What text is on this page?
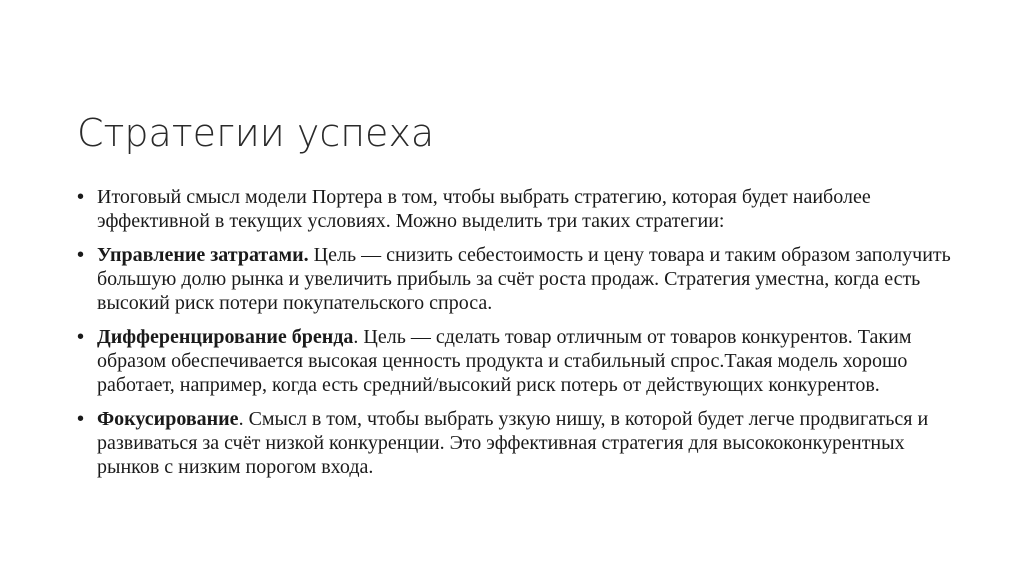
Стратегии успеха
• Итоговый смысл модели Портера в том, чтобы выбрать стратегию, которая будет наиболее эффективной в текущих условиях. Можно выделить три таких стратегии:
• Управление затратами. Цель — снизить себестоимость и цену товара и таким образом заполучить большую долю рынка и увеличить прибыль за счёт роста продаж. Стратегия уместна, когда есть высокий риск потери покупательского спроса.
• Дифференцирование бренда. Цель — сделать товар отличным от товаров конкурентов. Таким образом обеспечивается высокая ценность продукта и стабильный спрос.Такая модель хорошо работает, например, когда есть средний/высокий риск потерь от действующих конкурентов.
• Фокусирование. Смысл в том, чтобы выбрать узкую нишу, в которой будет легче продвигаться и развиваться за счёт низкой конкуренции. Это эффективная стратегия для высококонкурентных рынков с низким порогом входа.
